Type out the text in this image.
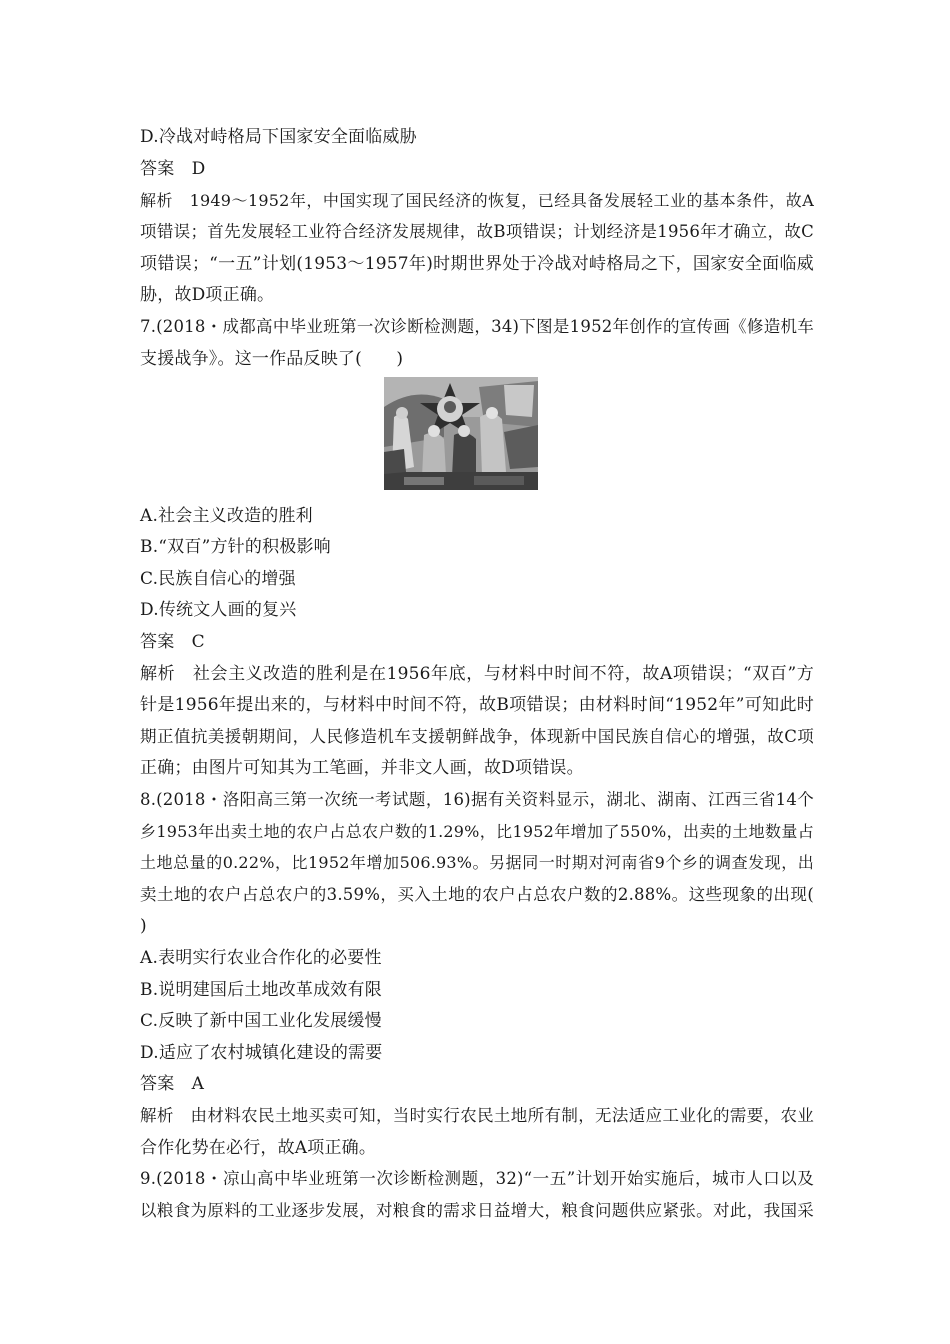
D.冷战对峙格局下国家安全面临威胁
答案　D
解析　1949～1952年，中国实现了国民经济的恢复，已经具备发展轻工业的基本条件，故A
项错误；首先发展轻工业符合经济发展规律，故B项错误；计划经济是1956年才确立，故C
项错误；“一五”计划(1953～1957年)时期世界处于冷战对峙格局之下，国家安全面临威
胁，故D项正确。
7.(2018・成都高中毕业班第一次诊断检测题，34)下图是1952年创作的宣传画《修造机车
支援战争》。这一作品反映了(　　)
A.社会主义改造的胜利
B.“双百”方针的积极影响
C.民族自信心的增强
D.传统文人画的复兴
答案　C
解析　社会主义改造的胜利是在1956年底，与材料中时间不符，故A项错误；“双百”方
针是1956年提出来的，与材料中时间不符，故B项错误；由材料时间“1952年”可知此时
期正值抗美援朝期间，人民修造机车支援朝鲜战争，体现新中国民族自信心的增强，故C项
正确；由图片可知其为工笔画，并非文人画，故D项错误。
8.(2018・洛阳高三第一次统一考试题，16)据有关资料显示，湖北、湖南、江西三省14个
乡1953年出卖土地的农户占总农户数的1.29%，比1952年增加了550%，出卖的土地数量占
土地总量的0.22%，比1952年增加506.93%。另据同一时期对河南省9个乡的调查发现，出
卖土地的农户占总农户的3.59%，买入土地的农户占总农户数的2.88%。这些现象的出现(
)
A.表明实行农业合作化的必要性
B.说明建国后土地改革成效有限
C.反映了新中国工业化发展缓慢
D.适应了农村城镇化建设的需要
答案　A
解析　由材料农民土地买卖可知，当时实行农民土地所有制，无法适应工业化的需要，农业
合作化势在必行，故A项正确。
9.(2018・凉山高中毕业班第一次诊断检测题，32)“一五”计划开始实施后，城市人口以及
以粮食为原料的工业逐步发展，对粮食的需求日益增大，粮食问题供应紧张。对此，我国采
